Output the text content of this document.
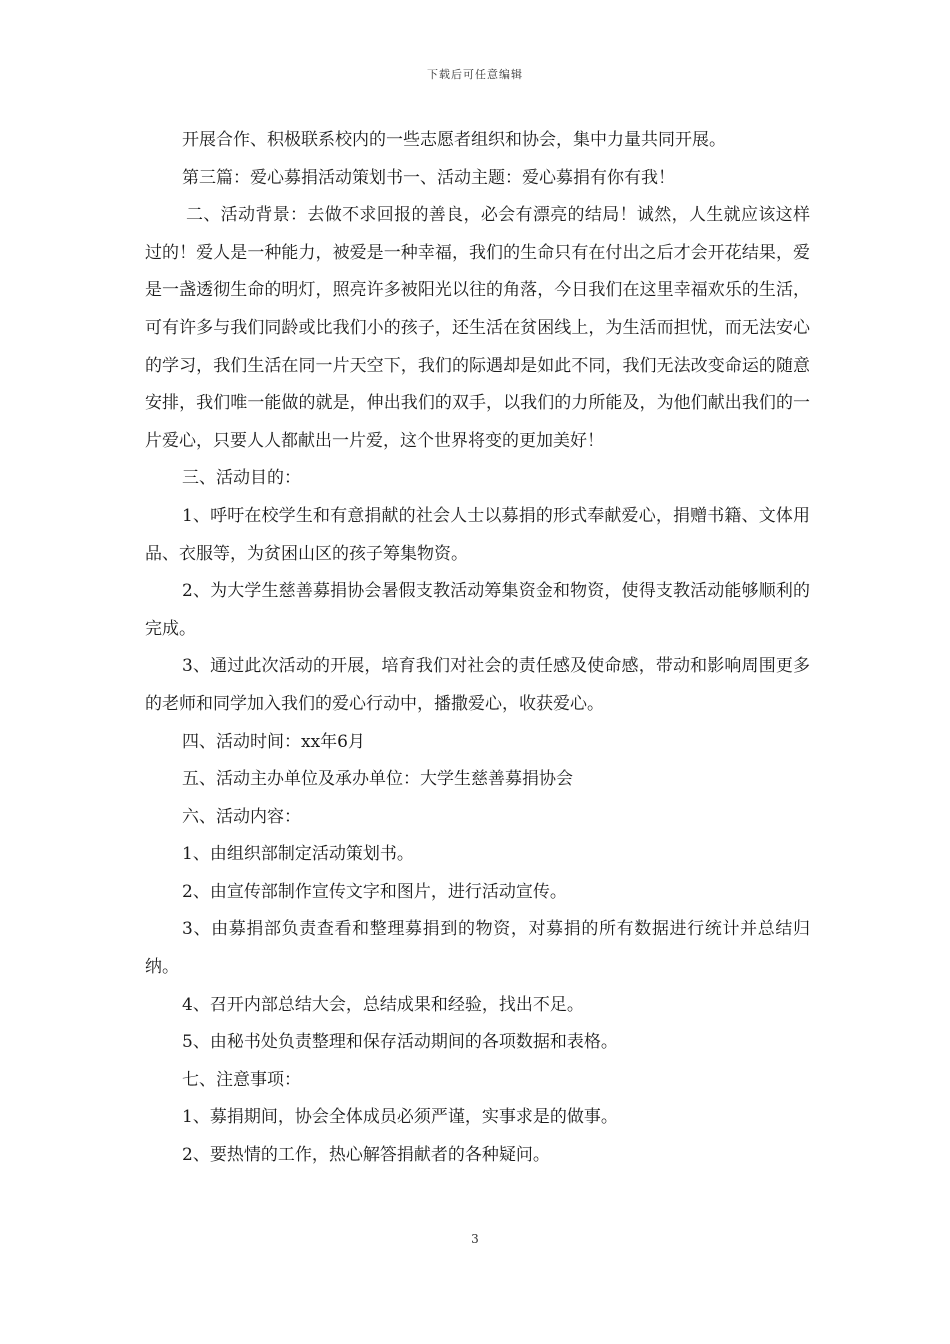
下载后可任意编辑

开展合作、积极联系校内的一些志愿者组织和协会，集中力量共同开展。

第三篇：爱心募捐活动策划书一、活动主题：爱心募捐有你有我！

二、活动背景：去做不求回报的善良，必会有漂亮的结局！诚然，人生就应该这样过的！爱人是一种能力，被爱是一种幸福，我们的生命只有在付出之后才会开花结果，爱是一盏透彻生命的明灯，照亮许多被阳光以往的角落，今日我们在这里幸福欢乐的生活，可有许多与我们同龄或比我们小的孩子，还生活在贫困线上，为生活而担忧，而无法安心的学习，我们生活在同一片天空下，我们的际遇却是如此不同，我们无法改变命运的随意安排，我们唯一能做的就是，伸出我们的双手，以我们的力所能及，为他们献出我们的一片爱心，只要人人都献出一片爱，这个世界将变的更加美好！

三、活动目的：

1、呼吁在校学生和有意捐献的社会人士以募捐的形式奉献爱心，捐赠书籍、文体用品、衣服等，为贫困山区的孩子筹集物资。

2、为大学生慈善募捐协会暑假支教活动筹集资金和物资，使得支教活动能够顺利的完成。

3、通过此次活动的开展，培育我们对社会的责任感及使命感，带动和影响周围更多的老师和同学加入我们的爱心行动中，播撒爱心，收获爱心。

四、活动时间：xx年6月

五、活动主办单位及承办单位：大学生慈善募捐协会

六、活动内容：

1、由组织部制定活动策划书。

2、由宣传部制作宣传文字和图片，进行活动宣传。

3、由募捐部负责查看和整理募捐到的物资，对募捐的所有数据进行统计并总结归纳。

4、召开内部总结大会，总结成果和经验，找出不足。

5、由秘书处负责整理和保存活动期间的各项数据和表格。

七、注意事项：

1、募捐期间，协会全体成员必须严谨，实事求是的做事。

2、要热情的工作，热心解答捐献者的各种疑问。

3
